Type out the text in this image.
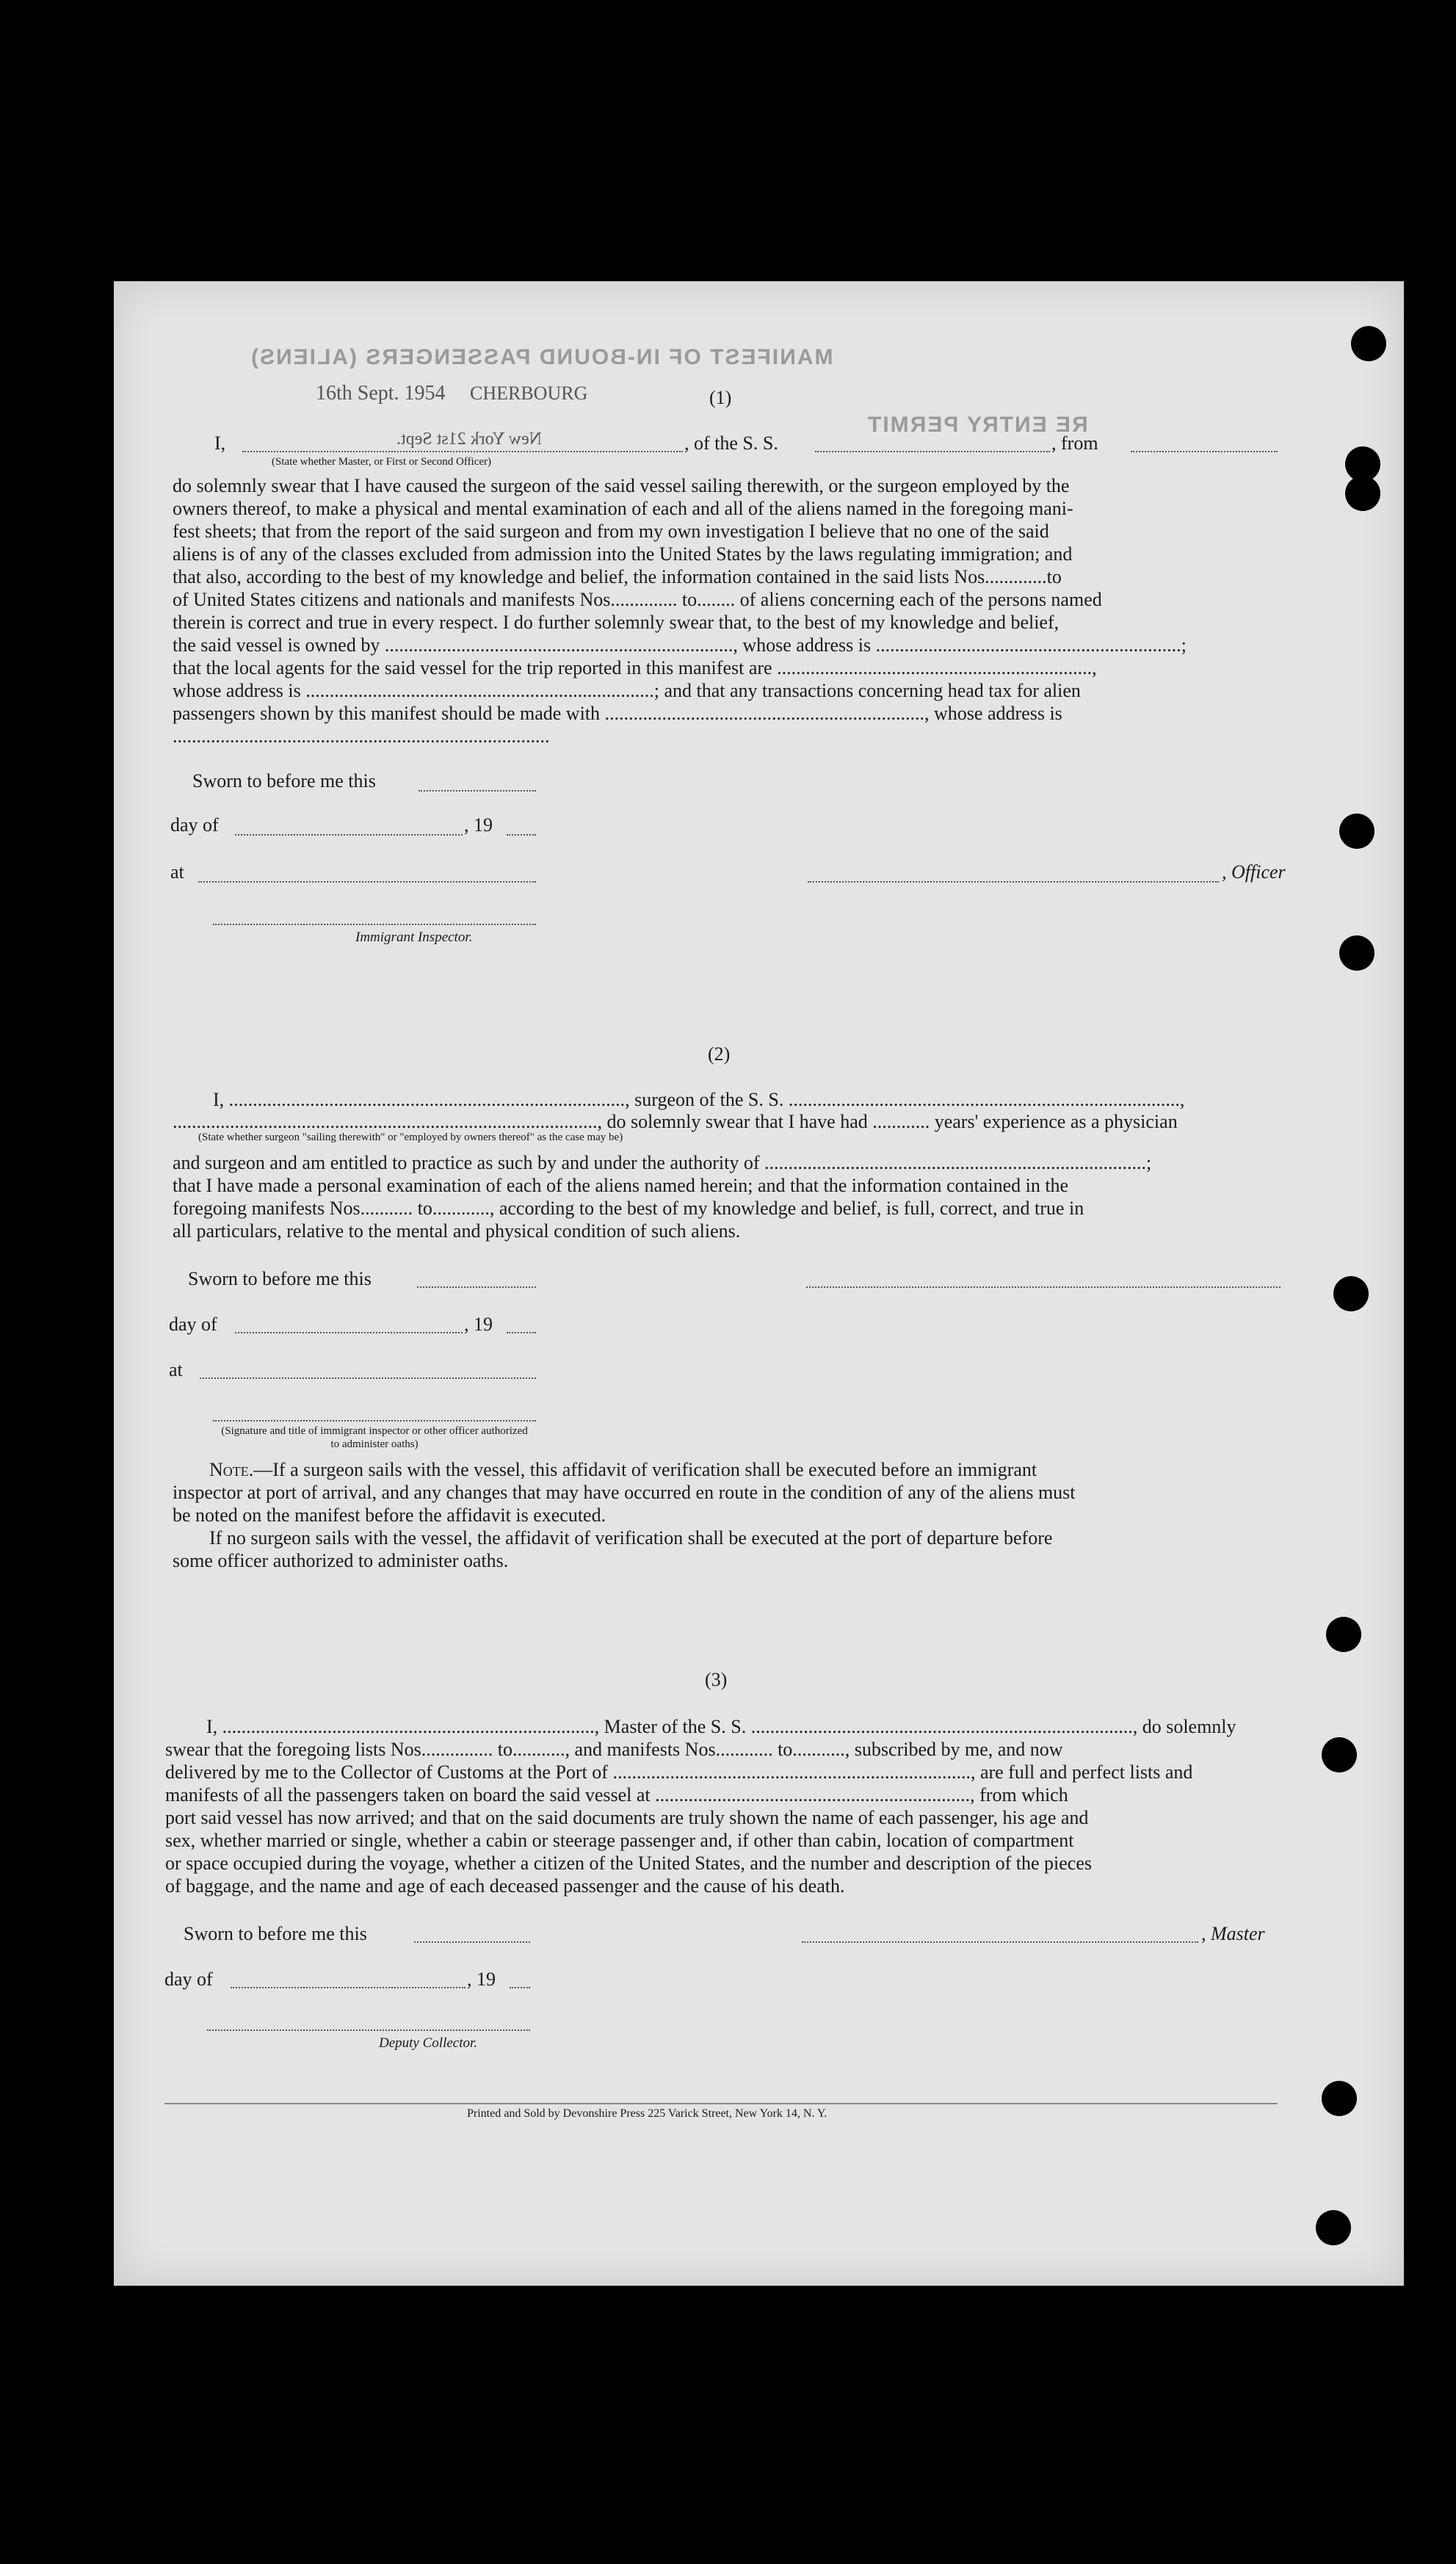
MANIFEST OF IN-BOUND PASSENGERS (ALIENS)
RE ENTRY PERMIT
16th Sept. 1954 CHERBOURG	(1)
New York 21st Sept.
I,	, of the S. S.	, from
(State whether Master, or First or Second Officer)

do solemnly swear that I have caused the surgeon of the said vessel sailing therewith, or the surgeon employed by the

owners thereof, to make a physical and mental examination of each and all of the aliens named in the foregoing mani-

fest sheets; that from the report of the said surgeon and from my own investigation I believe that no one of the said

aliens is of any of the classes excluded from admission into the United States by the laws regulating immigration; and

that also, according to the best of my knowledge and belief, the information contained in the said lists Nos.............to

of United States citizens and nationals and manifests Nos.............. to........ of aliens concerning each of the persons named

therein is correct and true in every respect. I do further solemnly swear that, to the best of my knowledge and belief,

the said vessel is owned by ........................................................................., whose address is ................................................................;

that the local agents for the said vessel for the trip reported in this manifest are ..................................................................,

whose address is .........................................................................; and that any transactions concerning head tax for alien

passengers shown by this manifest should be made with ..................................................................., whose address is

...............................................................................

Sworn to before me this
day of	, 19
at	, Officer
Immigrant Inspector.
(2)

I, ..................................................................................., surgeon of the S. S. ..................................................................................,

(State whether surgeon "sailing therewith" or "employed by owners thereof" as the case may be)

........................................................................................., do solemnly swear that I have had ............ years' experience as a physician

and surgeon and am entitled to practice as such by and under the authority of ................................................................................;

that I have made a personal examination of each of the aliens named herein; and that the information contained in the

foregoing manifests Nos........... to............, according to the best of my knowledge and belief, is full, correct, and true in

all particulars, relative to the mental and physical condition of such aliens.

Sworn to before me this
day of	, 19
at
(Signature and title of immigrant inspector or other officer authorized to administer oaths)

Note.—If a surgeon sails with the vessel, this affidavit of verification shall be executed before an immigrant

inspector at port of arrival, and any changes that may have occurred en route in the condition of any of the aliens must

be noted on the manifest before the affidavit is executed.

If no surgeon sails with the vessel, the affidavit of verification shall be executed at the port of departure before

some officer authorized to administer oaths.

(3)

I, .............................................................................., Master of the S. S. ................................................................................, do solemnly

swear that the foregoing lists Nos............... to..........., and manifests Nos............ to..........., subscribed by me, and now

delivered by me to the Collector of Customs at the Port of ..........................................................................., are full and perfect lists and

manifests of all the passengers taken on board the said vessel at .................................................................., from which

port said vessel has now arrived; and that on the said documents are truly shown the name of each passenger, his age and

sex, whether married or single, whether a cabin or steerage passenger and, if other than cabin, location of compartment

or space occupied during the voyage, whether a citizen of the United States, and the number and description of the pieces

of baggage, and the name and age of each deceased passenger and the cause of his death.

Sworn to before me this	, Master
day of	, 19
Deputy Collector.
Printed and Sold by Devonshire Press 225 Varick Street, New York 14, N. Y.
